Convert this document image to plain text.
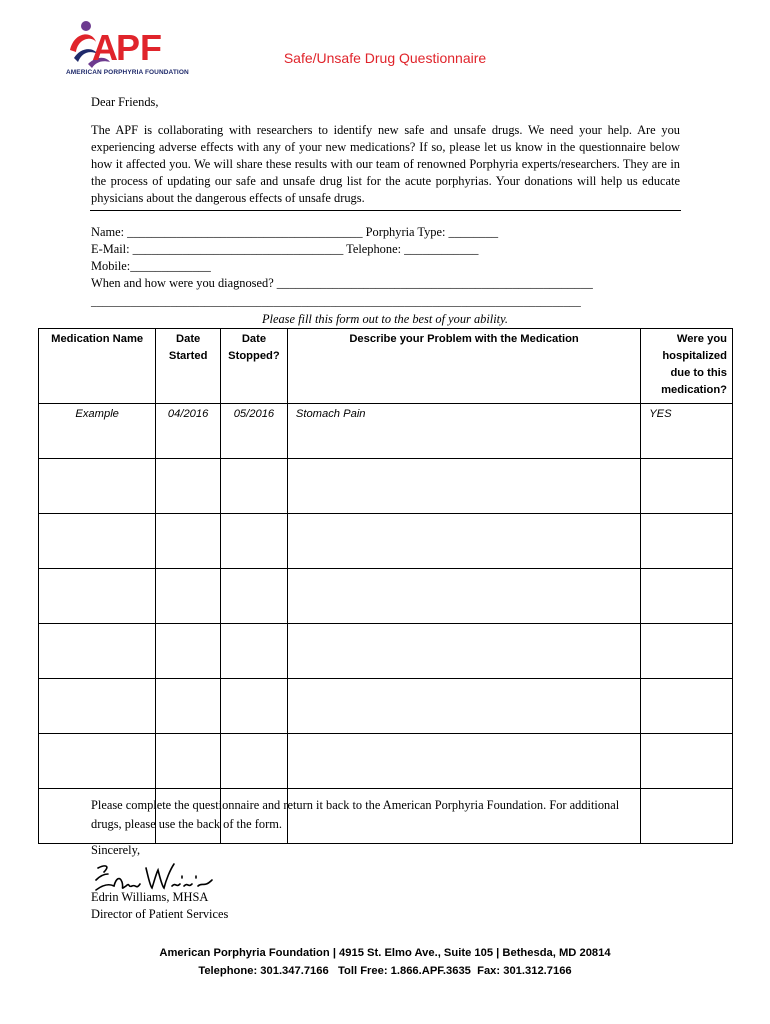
A P F
AMERICAN PORPHYRIA FOUNDATION
Safe/Unsafe Drug Questionnaire
Dear Friends,
The APF is collaborating with researchers to identify new safe and unsafe drugs. We need your help. Are you experiencing adverse effects with any of your new medications? If so, please let us know in the questionnaire below how it affected you. We will share these results with our team of renowned Porphyria experts/researchers. They are in the process of updating our safe and unsafe drug list for the acute porphyrias. Your donations will help us educate physicians about the dangerous effects of unsafe drugs.
Name: ______________________________________ Porphyria Type: ________
E-Mail: __________________________________ Telephone: ____________
Mobile:_____________
When and how were you diagnosed? ___________________________________________________
______________________________________________________________________________________
Please fill this form out to the best of your ability.
Medication Name	Date Started	Date Stopped?	Describe your Problem with the Medication	Were you hospitalized due to this medication?
Example	04/2016	05/2016	Stomach Pain	YES

Please complete the questionnaire and return it back to the American Porphyria Foundation. For additional drugs, please use the back of the form.
Sincerely,
Edrin Williams, MHSA
Director of Patient Services
American Porphyria Foundation | 4915 St. Elmo Ave., Suite 105 | Bethesda, MD 20814
Telephone: 301.347.7166   Toll Free: 1.866.APF.3635  Fax: 301.312.7166
